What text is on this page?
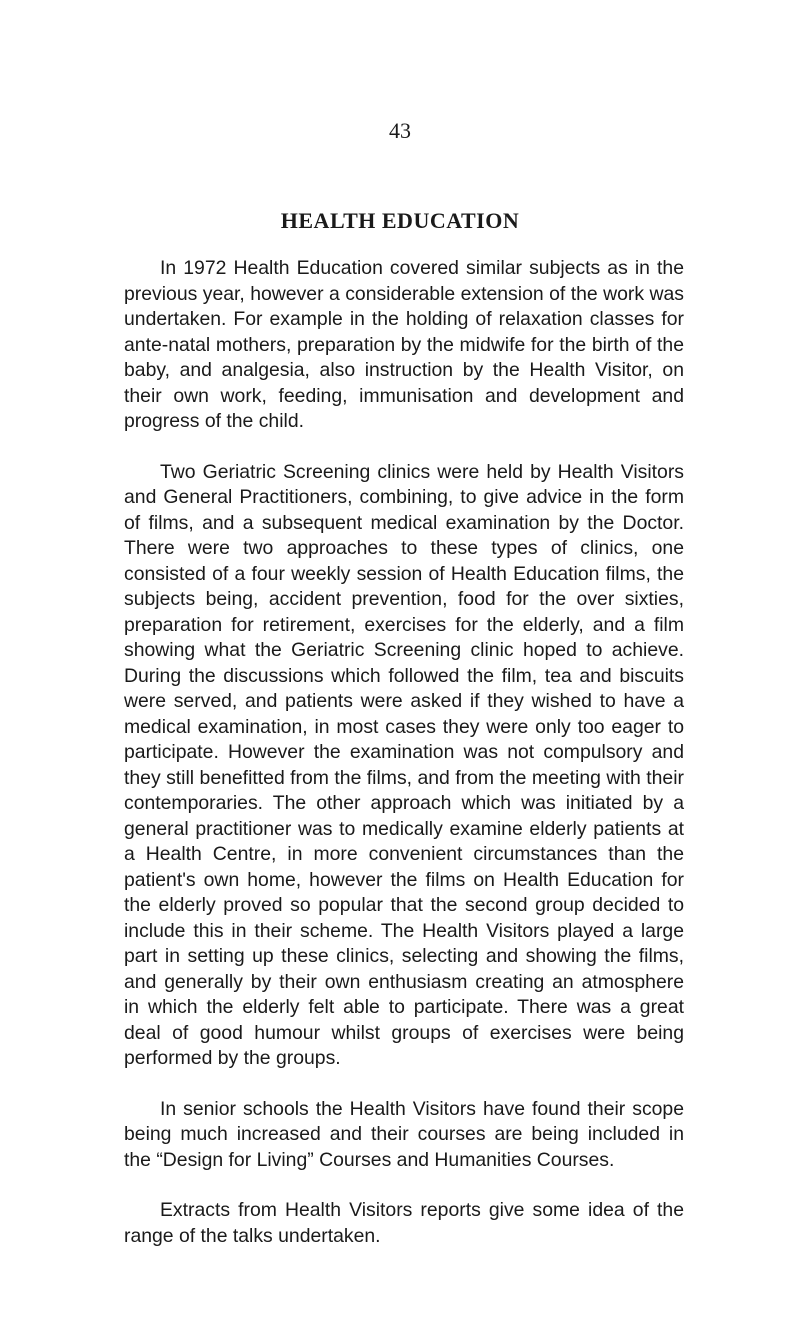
43
HEALTH EDUCATION

In 1972 Health Education covered similar subjects as in the previous year, however a considerable extension of the work was undertaken. For example in the holding of relaxation classes for ante-natal mothers, preparation by the midwife for the birth of the baby, and analgesia, also instruction by the Health Visitor, on their own work, feeding, immunisation and development and progress of the child.

Two Geriatric Screening clinics were held by Health Visitors and General Practitioners, combining, to give advice in the form of films, and a subsequent medical examination by the Doctor. There were two approaches to these types of clinics, one consisted of a four weekly session of Health Education films, the subjects being, accident prevention, food for the over sixties, preparation for retirement, exercises for the elderly, and a film showing what the Geriatric Screening clinic hoped to achieve. During the discussions which followed the film, tea and biscuits were served, and patients were asked if they wished to have a medical examination, in most cases they were only too eager to participate. However the examination was not compulsory and they still benefitted from the films, and from the meeting with their contemporaries. The other approach which was initiated by a general practitioner was to medically examine elderly patients at a Health Centre, in more convenient circumstances than the patient's own home, however the films on Health Education for the elderly proved so popular that the second group decided to include this in their scheme. The Health Visitors played a large part in setting up these clinics, selecting and showing the films, and generally by their own enthusiasm creating an atmosphere in which the elderly felt able to participate. There was a great deal of good humour whilst groups of exercises were being performed by the groups.

In senior schools the Health Visitors have found their scope being much increased and their courses are being included in the “Design for Living” Courses and Humanities Courses.

Extracts from Health Visitors reports give some idea of the range of the talks undertaken.
